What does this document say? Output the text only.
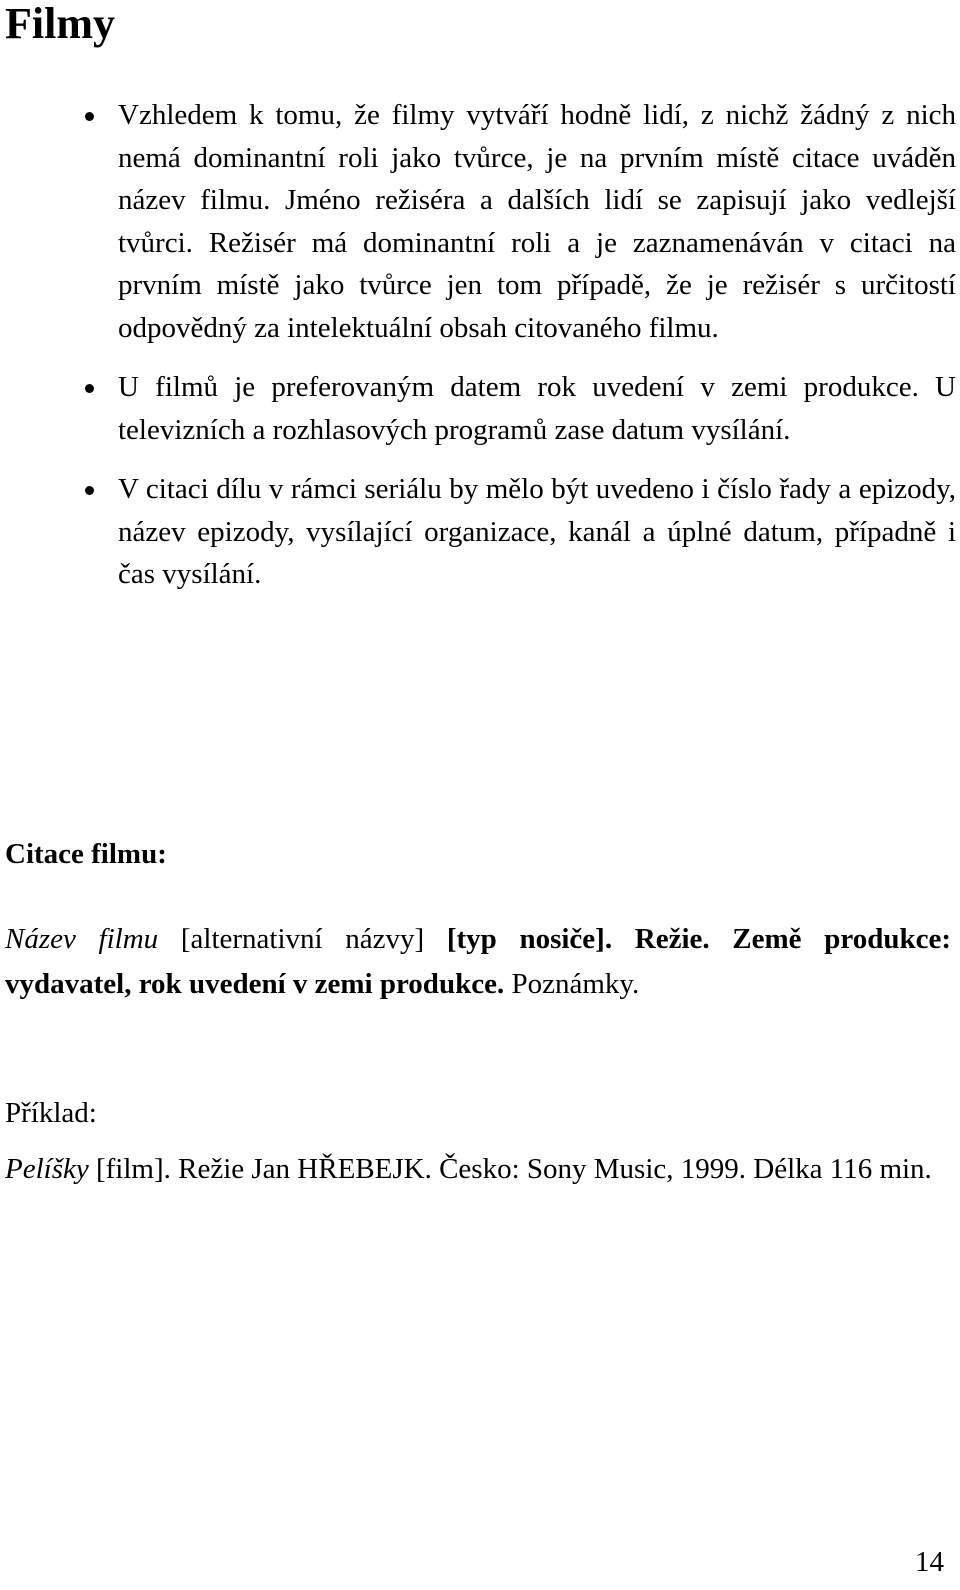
Filmy
Vzhledem k tomu, že filmy vytváří hodně lidí, z nichž žádný z nich nemá dominantní roli jako tvůrce, je na prvním místě citace uváděn název filmu. Jméno režiséra a dalších lidí se zapisují jako vedlejší tvůrci. Režisér má dominantní roli a je zaznamenáván v citaci na prvním místě jako tvůrce jen tom případě, že je režisér s určitostí odpovědný za intelektuální obsah citovaného filmu.
U filmů je preferovaným datem rok uvedení v zemi produkce. U televizních a rozhlasových programů zase datum vysílání.
V citaci dílu v rámci seriálu by mělo být uvedeno i číslo řady a epizody, název epizody, vysílající organizace, kanál a úplné datum, případně i čas vysílání.
Citace filmu:

Název filmu [alternativní názvy] [typ nosiče]. Režie. Země produkce: vydavatel, rok uvedení v zemi produkce. Poznámky.

Příklad:

Pelíšky [film]. Režie Jan HŘEBEJK. Česko: Sony Music, 1999. Délka 116 min.

14
